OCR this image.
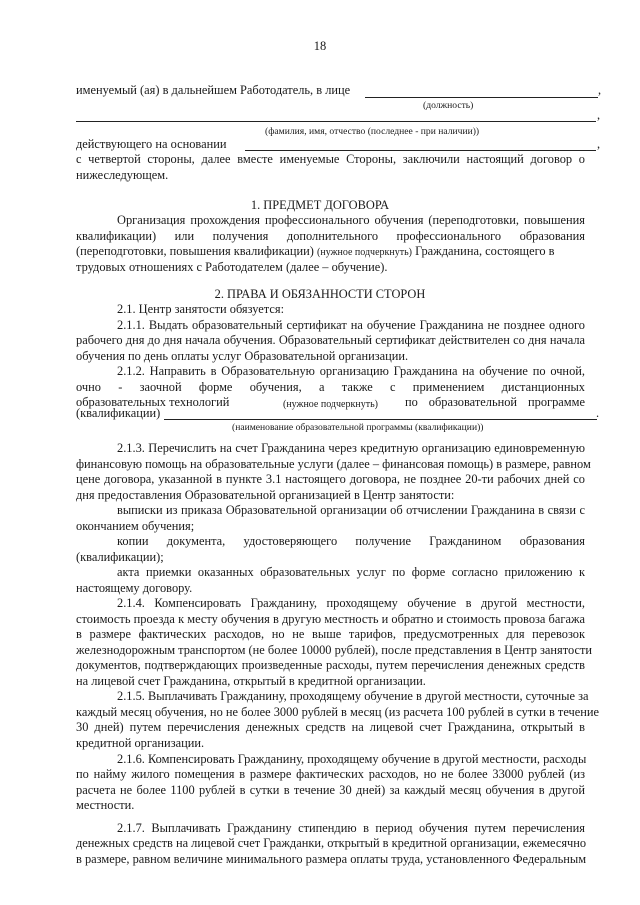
18
именуемый (ая) в дальнейшем Работодатель, в лице	,
(должность)
,
(фамилия, имя, отчество (последнее - при наличии))
действующего на основании	,
с четвертой стороны, далее вместе именуемые Стороны, заключили настоящий договор о
нижеследующем.
1. ПРЕДМЕТ ДОГОВОРА
Организация прохождения профессионального обучения (переподготовки, повышения
квалификации) или получения дополнительного профессионального образования
(переподготовки, повышения квалификации) (нужное подчеркнуть) Гражданина, состоящего в
трудовых отношениях с Работодателем (далее – обучение).
2. ПРАВА И ОБЯЗАННОСТИ СТОРОН
2.1. Центр занятости обязуется:
2.1.1. Выдать образовательный сертификат на обучение Гражданина не позднее одного
рабочего дня до дня начала обучения. Образовательный сертификат действителен со дня начала
обучения по день оплаты услуг Образовательной организации.
2.1.2. Направить в Образовательную организацию Гражданина на обучение по очной,
очно - заочной форме обучения, а также с применением дистанционных
образовательных технологий	(нужное подчеркнуть) по образовательной программе
(квалификации)	.
(наименование образовательной программы (квалификации))
2.1.3. Перечислить на счет Гражданина через кредитную организацию единовременную
финансовую помощь на образовательные услуги (далее – финансовая помощь) в размере, равном
цене договора, указанной в пункте 3.1 настоящего договора, не позднее 20-ти рабочих дней со
дня предоставления Образовательной организацией в Центр занятости:
выписки из приказа Образовательной организации об отчислении Гражданина в связи с
окончанием обучения;
копии документа, удостоверяющего получение Гражданином образования
(квалификации);
акта приемки оказанных образовательных услуг по форме согласно приложению к
настоящему договору.
2.1.4. Компенсировать Гражданину, проходящему обучение в другой местности,
стоимость проезда к месту обучения в другую местность и обратно и стоимость провоза багажа
в размере фактических расходов, но не выше тарифов, предусмотренных для перевозок
железнодорожным транспортом (не более 10000 рублей), после представления в Центр занятости
документов, подтверждающих произведенные расходы, путем перечисления денежных средств
на лицевой счет Гражданина, открытый в кредитной организации.
2.1.5. Выплачивать Гражданину, проходящему обучение в другой местности, суточные за
каждый месяц обучения, но не более 3000 рублей в месяц (из расчета 100 рублей в сутки в течение
30 дней) путем перечисления денежных средств на лицевой счет Гражданина, открытый в
кредитной организации.
2.1.6. Компенсировать Гражданину, проходящему обучение в другой местности, расходы
по найму жилого помещения в размере фактических расходов, но не более 33000 рублей (из
расчета не более 1100 рублей в сутки в течение 30 дней) за каждый месяц обучения в другой
местности.
2.1.7. Выплачивать Гражданину стипендию в период обучения путем перечисления
денежных средств на лицевой счет Гражданки, открытый в кредитной организации, ежемесячно
в размере, равном величине минимального размера оплаты труда, установленного Федеральным
